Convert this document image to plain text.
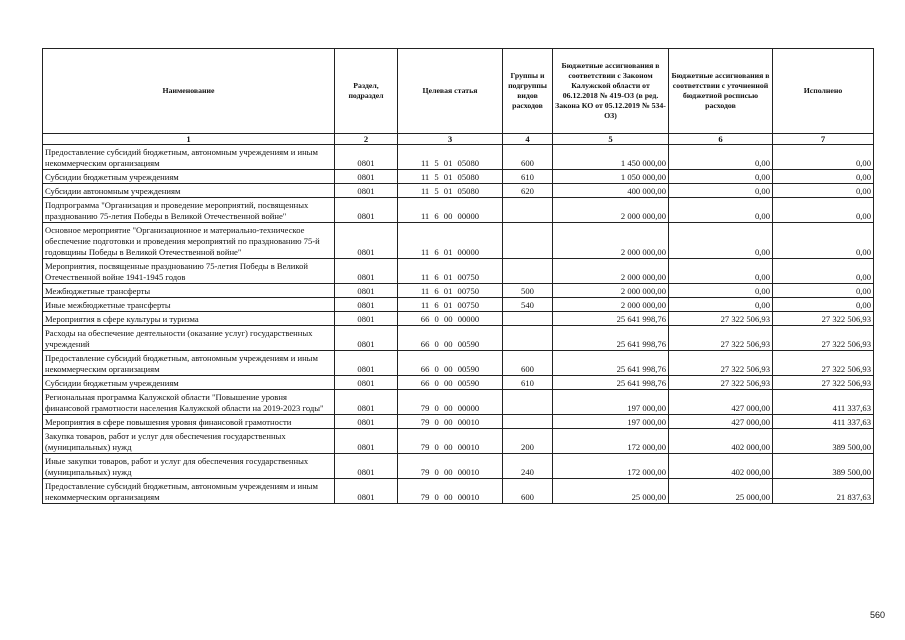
Наименование	Раздел, подраздел	Целевая статья	Группы и подгруппы видов расходов	Бюджетные ассигнования в соответствии с Законом Калужской области от 06.12.2018 № 419-ОЗ (в ред. Закона КО от 05.12.2019 № 534-ОЗ)	Бюджетные ассигнования в соответствии с уточненной бюджетной росписью расходов	Исполнено
1	2	3	4	5	6	7
Предоставление субсидий бюджетным, автономным учреждениям и иным некоммерческим организациям	0801	11 5 01 05080	600	1 450 000,00	0,00	0,00
Субсидии бюджетным учреждениям	0801	11 5 01 05080	610	1 050 000,00	0,00	0,00
Субсидии автономным учреждениям	0801	11 5 01 05080	620	400 000,00	0,00	0,00
Подпрограмма "Организация и проведение мероприятий, посвященных празднованию 75-летия Победы в Великой Отечественной войне"	0801	11 6 00 00000		2 000 000,00	0,00	0,00
Основное мероприятие "Организационное и материально-техническое обеспечение подготовки и проведения мероприятий по празднованию 75-й годовщины Победы в Великой Отечественной войне"	0801	11 6 01 00000		2 000 000,00	0,00	0,00
Мероприятия, посвященные празднованию 75-летия Победы в Великой Отечественной войне 1941-1945 годов	0801	11 6 01 00750		2 000 000,00	0,00	0,00
Межбюджетные трансферты	0801	11 6 01 00750	500	2 000 000,00	0,00	0,00
Иные межбюджетные трансферты	0801	11 6 01 00750	540	2 000 000,00	0,00	0,00
Мероприятия в сфере культуры и туризма	0801	66 0 00 00000		25 641 998,76	27 322 506,93	27 322 506,93
Расходы на обеспечение деятельности (оказание услуг) государственных учреждений	0801	66 0 00 00590		25 641 998,76	27 322 506,93	27 322 506,93
Предоставление субсидий бюджетным, автономным учреждениям и иным некоммерческим организациям	0801	66 0 00 00590	600	25 641 998,76	27 322 506,93	27 322 506,93
Субсидии бюджетным учреждениям	0801	66 0 00 00590	610	25 641 998,76	27 322 506,93	27 322 506,93
Региональная программа Калужской области "Повышение уровня финансовой грамотности населения Калужской области на 2019-2023 годы"	0801	79 0 00 00000		197 000,00	427 000,00	411 337,63
Мероприятия в сфере повышения уровня финансовой грамотности	0801	79 0 00 00010		197 000,00	427 000,00	411 337,63
Закупка товаров, работ и услуг для обеспечения государственных (муниципальных) нужд	0801	79 0 00 00010	200	172 000,00	402 000,00	389 500,00
Иные закупки товаров, работ и услуг для обеспечения государственных (муниципальных) нужд	0801	79 0 00 00010	240	172 000,00	402 000,00	389 500,00
Предоставление субсидий бюджетным, автономным учреждениям и иным некоммерческим организациям	0801	79 0 00 00010	600	25 000,00	25 000,00	21 837,63
560
